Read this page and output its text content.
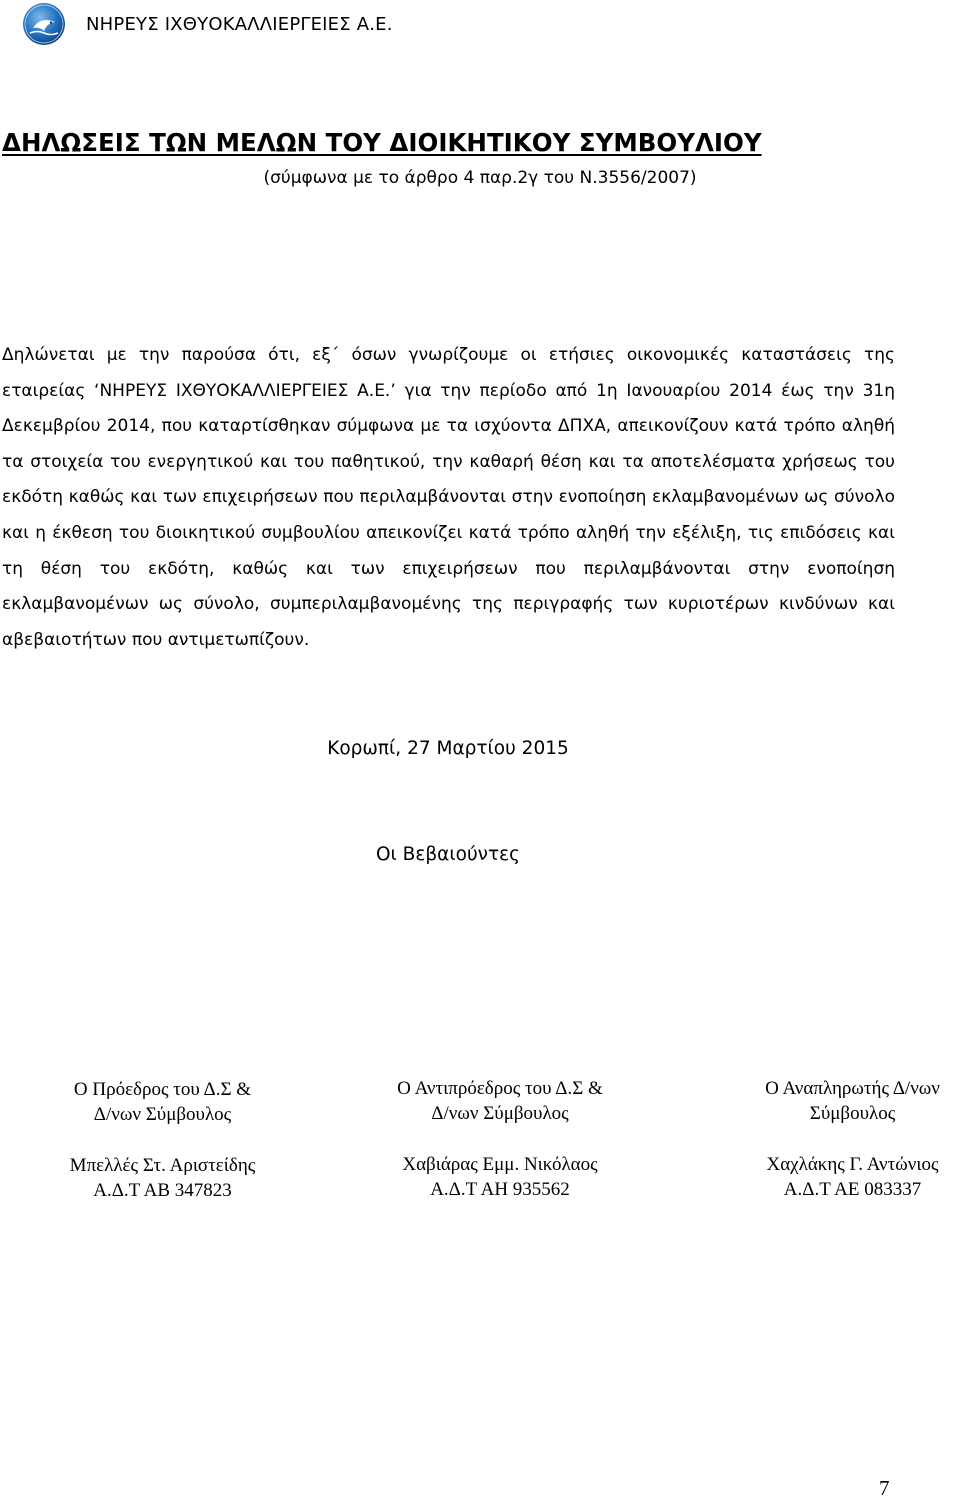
ΝΗΡΕΥΣ ΙΧΘΥΟΚΑΛΛΙΕΡΓΕΙΕΣ Α.Ε.
ΔΗΛΩΣΕΙΣ ΤΩΝ ΜΕΛΩΝ ΤΟΥ ΔΙΟΙΚΗΤΙΚΟΥ ΣΥΜΒΟΥΛΙΟΥ
(σύμφωνα με το άρθρο 4 παρ.2γ του Ν.3556/2007)

Δηλώνεται με την παρούσα ότι, εξ΄ όσων γνωρίζουμε οι ετήσιες οικονομικές καταστάσεις της εταιρείας ‘ΝΗΡΕΥΣ ΙΧΘΥΟΚΑΛΛΙΕΡΓΕΙΕΣ Α.Ε.’ για την περίοδο από 1η Ιανουαρίου 2014 έως την 31η Δεκεμβρίου 2014, που καταρτίσθηκαν σύμφωνα με τα ισχύοντα ΔΠΧΑ, απεικονίζουν κατά τρόπο αληθή τα στοιχεία του ενεργητικού και του παθητικού, την καθαρή θέση και τα αποτελέσματα χρήσεως του εκδότη καθώς και των επιχειρήσεων που περιλαμβάνονται στην ενοποίηση εκλαμβανομένων ως σύνολο και η έκθεση του διοικητικού συμβουλίου απεικονίζει κατά τρόπο αληθή την εξέλιξη, τις επιδόσεις και τη θέση του εκδότη, καθώς και των επιχειρήσεων που περιλαμβάνονται στην ενοποίηση εκλαμβανομένων ως σύνολο, συμπεριλαμβανομένης της περιγραφής των κυριοτέρων κινδύνων και αβεβαιοτήτων που αντιμετωπίζουν.

Κορωπί, 27 Μαρτίου 2015
Οι Βεβαιούντες
Ο Πρόεδρος του Δ.Σ &
Δ/νων Σύμβουλος
Μπελλές Στ. Αριστείδης
Α.Δ.Τ ΑΒ 347823
Ο Αντιπρόεδρος του Δ.Σ &
Δ/νων Σύμβουλος
Χαβιάρας Εμμ. Νικόλαος
Α.Δ.Τ ΑΗ 935562
Ο Αναπληρωτής Δ/νων
Σύμβουλος
Χαχλάκης Γ. Αντώνιος
Α.Δ.Τ ΑΕ 083337
7
